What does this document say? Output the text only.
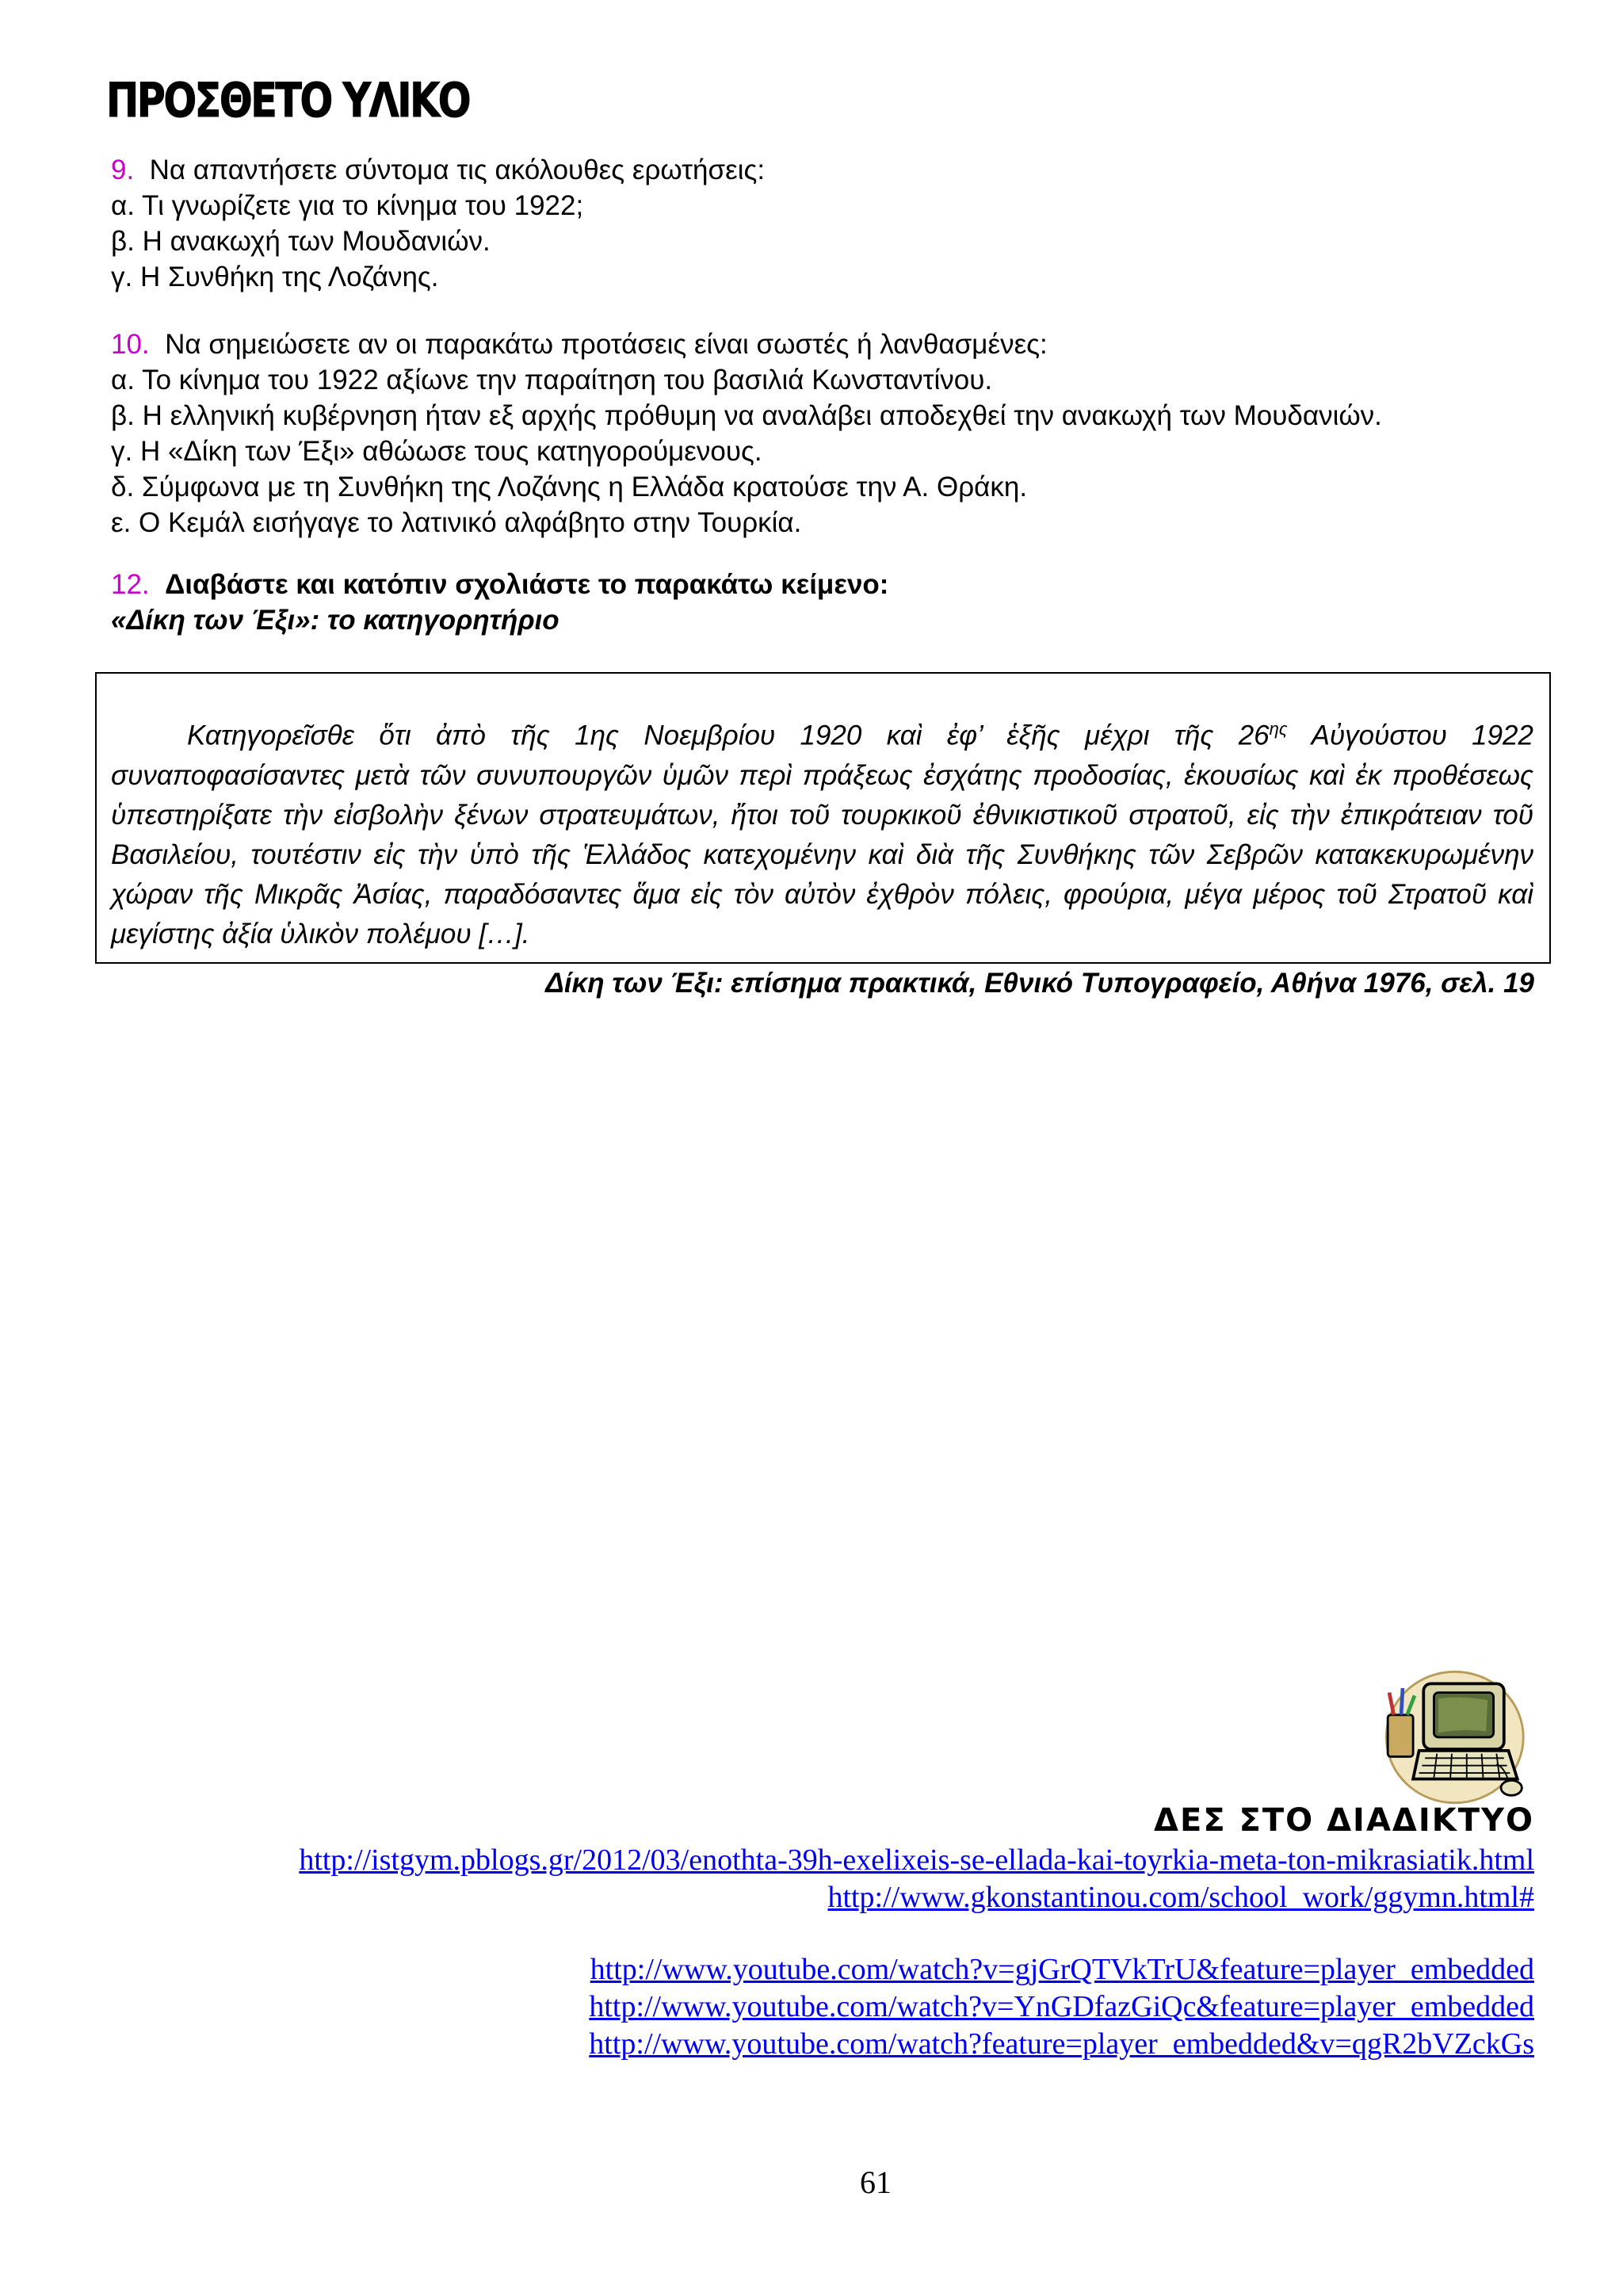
ΠΡΟΣΘΕΤΟ ΥΛΙΚΟ
9. Να απαντήσετε σύντομα τις ακόλουθες ερωτήσεις:
α. Τι γνωρίζετε για το κίνημα του 1922;
β. Η ανακωχή των Μουδανιών.
γ. Η Συνθήκη της Λοζάνης.
10. Να σημειώσετε αν οι παρακάτω προτάσεις είναι σωστές ή λανθασμένες:
α. Το κίνημα του 1922 αξίωνε την παραίτηση του βασιλιά Κωνσταντίνου.
β. Η ελληνική κυβέρνηση ήταν εξ αρχής πρόθυμη να αναλάβει αποδεχθεί την ανακωχή των Μουδανιών.
γ. Η «Δίκη των Έξι» αθώωσε τους κατηγορούμενους.
δ. Σύμφωνα με τη Συνθήκη της Λοζάνης η Ελλάδα κρατούσε την Α. Θράκη.
ε. Ο Κεμάλ εισήγαγε το λατινικό αλφάβητο στην Τουρκία.
12. Διαβάστε και κατόπιν σχολιάστε το παρακάτω κείμενο:
«Δίκη των Έξι»: το κατηγορητήριο
Κατηγορεῖσθε ὅτι ἀπὸ τῆς 1ης Νοεμβρίου 1920 καὶ ἐφ’ ἑξῆς μέχρι τῆς $26^{\eta\varsigma}$ Αὐγούστου 1922 συναποφασίσαντες μετὰ τῶν συνυπουργῶν ὑμῶν περὶ πράξεως ἐσχάτης προδοσίας, ἑκουσίως καὶ ἐκ προθέσεως ὑπεστηρίξατε τὴν εἰσβολὴν ξένων στρατευμάτων, ἤτοι τοῦ τουρκικοῦ ἐθνικιστικοῦ στρατοῦ, εἰς τὴν ἐπικράτειαν τοῦ Βασιλείου, τουτέστιν εἰς τὴν ὑπὸ τῆς Ἑλλάδος κατεχομένην καὶ διὰ τῆς Συνθήκης τῶν Σεβρῶν κατακεκυρωμένην χώραν τῆς Μικρᾶς Ἀσίας, παραδόσαντες ἅμα εἰς τὸν αὐτὸν ἐχθρὸν πόλεις, φρούρια, μέγα μέρος τοῦ Στρατοῦ καὶ μεγίστης ἀξία ὑλικὸν πολέμου […].
Δίκη των Έξι: επίσημα πρακτικά, Εθνικό Τυπογραφείο, Αθήνα 1976, σελ. 19
ΔΕΣ ΣΤΟ ΔΙΑΔΙΚΤΥΟ
http://istgym.pblogs.gr/2012/03/enothta-39h-exelixeis-se-ellada-kai-toyrkia-meta-ton-mikrasiatik.html
http://www.gkonstantinou.com/school_work/ggymn.html#
http://www.youtube.com/watch?v=gjGrQTVkTrU&feature=player_embedded
http://www.youtube.com/watch?v=YnGDfazGiQc&feature=player_embedded
http://www.youtube.com/watch?feature=player_embedded&v=qgR2bVZckGs
61
